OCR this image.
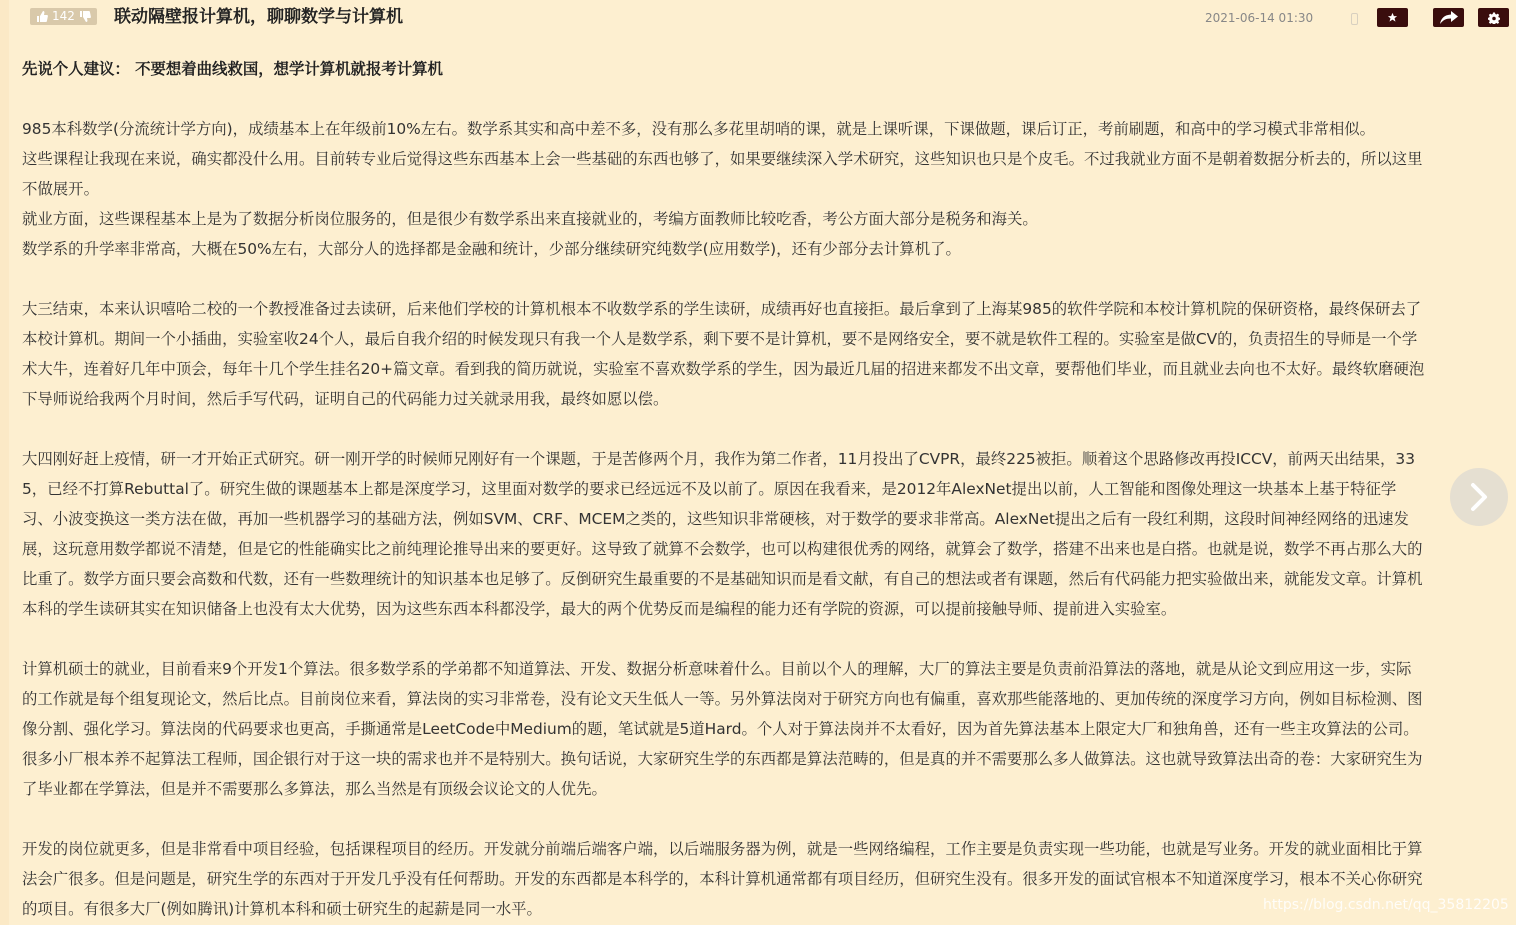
142 联动隔壁报计算机，聊聊数学与计算机	2021-06-14 01:30

先说个人建议： 不要想着曲线救国，想学计算机就报考计算机

985本科数学(分流统计学方向)，成绩基本上在年级前10%左右。数学系其实和高中差不多，没有那么多花里胡哨的课，就是上课听课，下课做题，课后订正，考前刷题，和高中的学习模式非常相似。

这些课程让我现在来说，确实都没什么用。目前转专业后觉得这些东西基本上会一些基础的东西也够了，如果要继续深入学术研究，这些知识也只是个皮毛。不过我就业方面不是朝着数据分析去的，所以这里

不做展开。

就业方面，这些课程基本上是为了数据分析岗位服务的，但是很少有数学系出来直接就业的，考编方面教师比较吃香，考公方面大部分是税务和海关。

数学系的升学率非常高，大概在50%左右，大部分人的选择都是金融和统计，少部分继续研究纯数学(应用数学)，还有少部分去计算机了。

大三结束，本来认识嘻哈二校的一个教授准备过去读研，后来他们学校的计算机根本不收数学系的学生读研，成绩再好也直接拒。最后拿到了上海某985的软件学院和本校计算机院的保研资格，最终保研去了

本校计算机。期间一个小插曲，实验室收24个人，最后自我介绍的时候发现只有我一个人是数学系，剩下要不是计算机，要不是网络安全，要不就是软件工程的。实验室是做CV的，负责招生的导师是一个学

术大牛，连着好几年中顶会，每年十几个学生挂名20+篇文章。看到我的简历就说，实验室不喜欢数学系的学生，因为最近几届的招进来都发不出文章，要帮他们毕业，而且就业去向也不太好。最终软磨硬泡

下导师说给我两个月时间，然后手写代码，证明自己的代码能力过关就录用我，最终如愿以偿。

大四刚好赶上疫情，研一才开始正式研究。研一刚开学的时候师兄刚好有一个课题，于是苦修两个月，我作为第二作者，11月投出了CVPR，最终225被拒。顺着这个思路修改再投ICCV，前两天出结果，33

5，已经不打算Rebuttal了。研究生做的课题基本上都是深度学习，这里面对数学的要求已经远远不及以前了。原因在我看来，是2012年AlexNet提出以前，人工智能和图像处理这一块基本上基于特征学

习、小波变换这一类方法在做，再加一些机器学习的基础方法，例如SVM、CRF、MCEM之类的，这些知识非常硬核，对于数学的要求非常高。AlexNet提出之后有一段红利期，这段时间神经网络的迅速发

展，这玩意用数学都说不清楚，但是它的性能确实比之前纯理论推导出来的要更好。这导致了就算不会数学，也可以构建很优秀的网络，就算会了数学，搭建不出来也是白搭。也就是说，数学不再占那么大的

比重了。数学方面只要会高数和代数，还有一些数理统计的知识基本也足够了。反倒研究生最重要的不是基础知识而是看文献，有自己的想法或者有课题，然后有代码能力把实验做出来，就能发文章。计算机

本科的学生读研其实在知识储备上也没有太大优势，因为这些东西本科都没学，最大的两个优势反而是编程的能力还有学院的资源，可以提前接触导师、提前进入实验室。

计算机硕士的就业，目前看来9个开发1个算法。很多数学系的学弟都不知道算法、开发、数据分析意味着什么。目前以个人的理解，大厂的算法主要是负责前沿算法的落地，就是从论文到应用这一步，实际

的工作就是每个组复现论文，然后比点。目前岗位来看，算法岗的实习非常卷，没有论文天生低人一等。另外算法岗对于研究方向也有偏重，喜欢那些能落地的、更加传统的深度学习方向，例如目标检测、图

像分割、强化学习。算法岗的代码要求也更高，手撕通常是LeetCode中Medium的题，笔试就是5道Hard。个人对于算法岗并不太看好，因为首先算法基本上限定大厂和独角兽，还有一些主攻算法的公司。

很多小厂根本养不起算法工程师，国企银行对于这一块的需求也并不是特别大。换句话说，大家研究生学的东西都是算法范畴的，但是真的并不需要那么多人做算法。这也就导致算法出奇的卷：大家研究生为

了毕业都在学算法，但是并不需要那么多算法，那么当然是有顶级会议论文的人优先。

开发的岗位就更多，但是非常看中项目经验，包括课程项目的经历。开发就分前端后端客户端，以后端服务器为例，就是一些网络编程，工作主要是负责实现一些功能，也就是写业务。开发的就业面相比于算

法会广很多。但是问题是，研究生学的东西对于开发几乎没有任何帮助。开发的东西都是本科学的，本科计算机通常都有项目经历，但研究生没有。很多开发的面试官根本不知道深度学习，根本不关心你研究

的项目。有很多大厂(例如腾讯)计算机本科和硕士研究生的起薪是同一水平。	https://blog.csdn.net/qq_35812205
